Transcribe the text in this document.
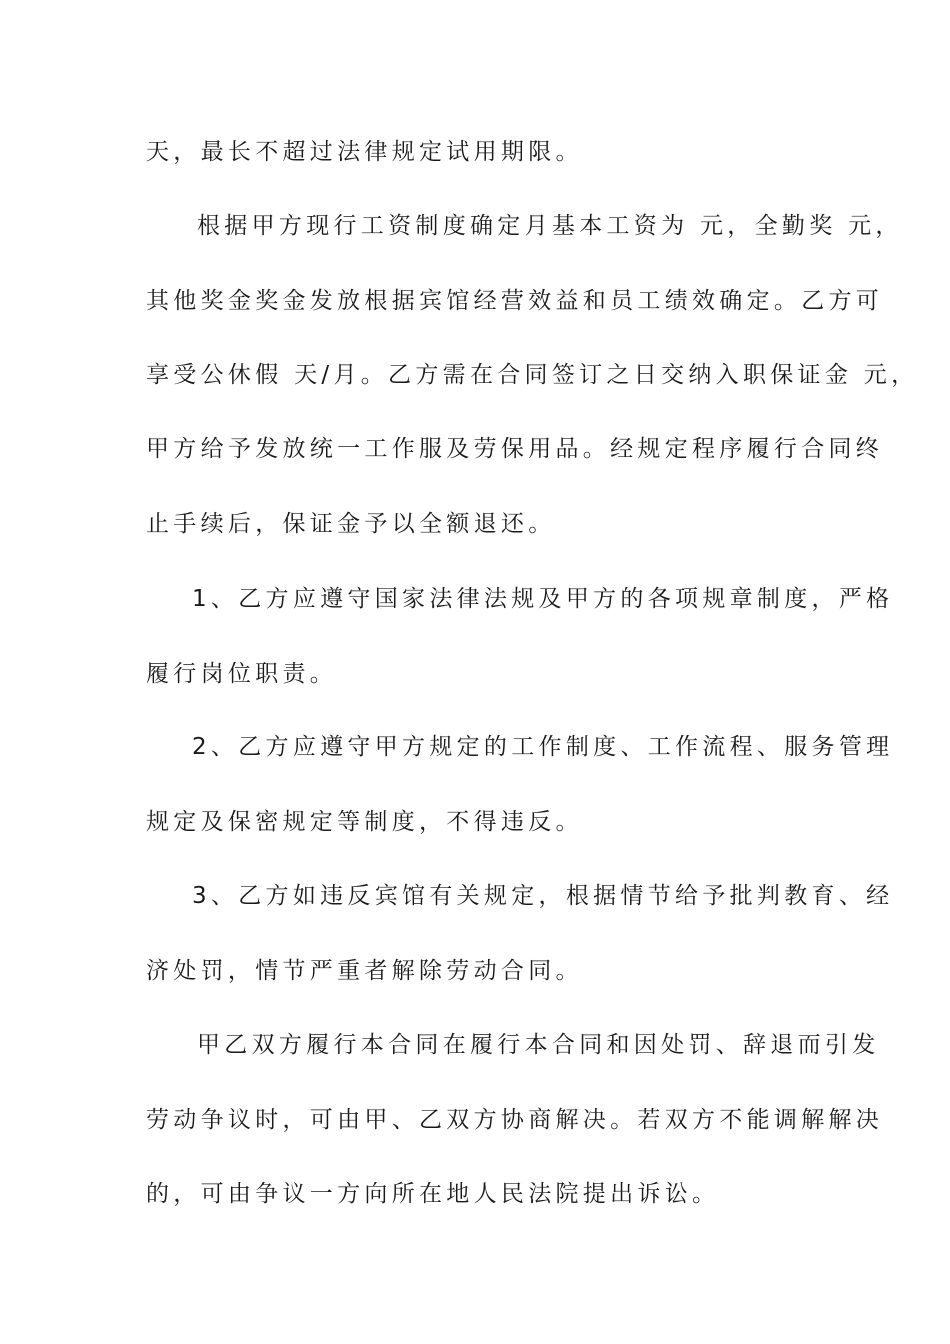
天，最长不超过法律规定试用期限。
根据甲方现行工资制度确定月基本工资为 元，全勤奖 元，
其他奖金奖金发放根据宾馆经营效益和员工绩效确定。乙方可
享受公休假 天/月。乙方需在合同签订之日交纳入职保证金 元，
甲方给予发放统一工作服及劳保用品。经规定程序履行合同终
止手续后，保证金予以全额退还。
1、乙方应遵守国家法律法规及甲方的各项规章制度，严格
履行岗位职责。
2、乙方应遵守甲方规定的工作制度、工作流程、服务管理
规定及保密规定等制度，不得违反。
3、乙方如违反宾馆有关规定，根据情节给予批判教育、经
济处罚，情节严重者解除劳动合同。
甲乙双方履行本合同在履行本合同和因处罚、辞退而引发
劳动争议时，可由甲、乙双方协商解决。若双方不能调解解决
的，可由争议一方向所在地人民法院提出诉讼。
